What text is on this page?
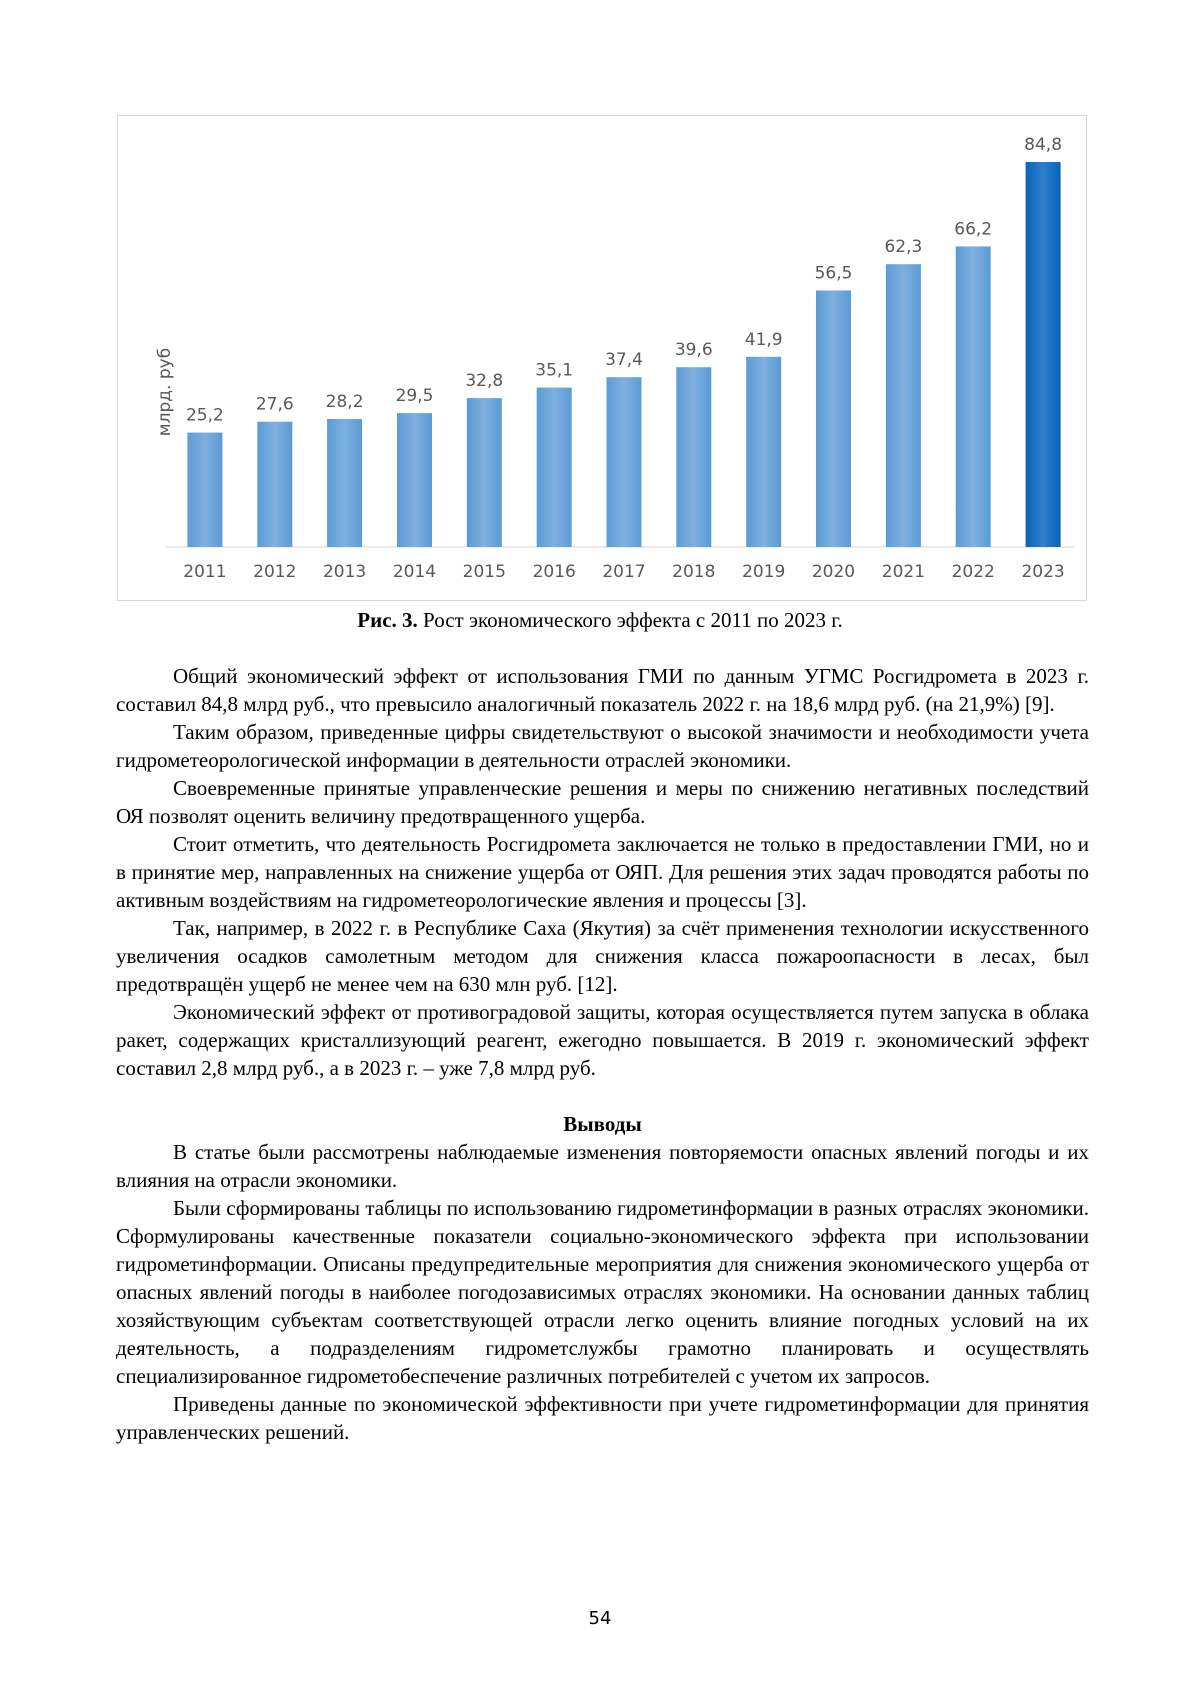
млрд. руб 25,2
2011
27,6
2012
28,2
2013
29,5
2014
32,8
2015
35,1
2016
37,4
2017
39,6
2018
41,9
2019
56,5
2020
62,3
2021
66,2
2022
84,8
2023
Рис. 3. Рост экономического эффекта с 2011 по 2023 г.

Общий экономический эффект от использования ГМИ по данным УГМС Росгидромета в 2023 г. составил 84,8 млрд руб., что превысило аналогичный показатель 2022 г. на 18,6 млрд руб. (на 21,9%) [9].

Таким образом, приведенные цифры свидетельствуют о высокой значимости и необходимости учета гидрометеорологической информации в деятельности отраслей экономики.

Своевременные принятые управленческие решения и меры по снижению негативных последствий ОЯ позволят оценить величину предотвращенного ущерба.

Стоит отметить, что деятельность Росгидромета заключается не только в предоставлении ГМИ, но и в принятие мер, направленных на снижение ущерба от ОЯП. Для решения этих задач проводятся работы по активным воздействиям на гидрометеорологические явления и процессы [3].

Так, например, в 2022 г. в Республике Саха (Якутия) за счёт применения технологии искусственного увеличения осадков самолетным методом для снижения класса пожароопасности в лесах, был предотвращён ущерб не менее чем на 630 млн руб. [12].

Экономический эффект от противоградовой защиты, которая осуществляется путем запуска в облака ракет, содержащих кристаллизующий реагент, ежегодно повышается. В 2019 г. экономический эффект составил 2,8 млрд руб., а в 2023 г. – уже 7,8 млрд руб.

Выводы

В статье были рассмотрены наблюдаемые изменения повторяемости опасных явлений погоды и их влияния на отрасли экономики.

Были сформированы таблицы по использованию гидрометинформации в разных отраслях экономики. Сформулированы качественные показатели социально-экономического эффекта при использовании гидрометинформации. Описаны предупредительные мероприятия для снижения экономического ущерба от опасных явлений погоды в наиболее погодозависимых отраслях экономики. На основании данных таблиц хозяйствующим субъектам соответствующей отрасли легко оценить влияние погодных условий на их деятельность, а подразделениям гидрометслужбы грамотно планировать и осуществлять специализированное гидрометобеспечение различных потребителей с учетом их запросов.

Приведены данные по экономической эффективности при учете гидрометинформации для принятия управленческих решений.

54
